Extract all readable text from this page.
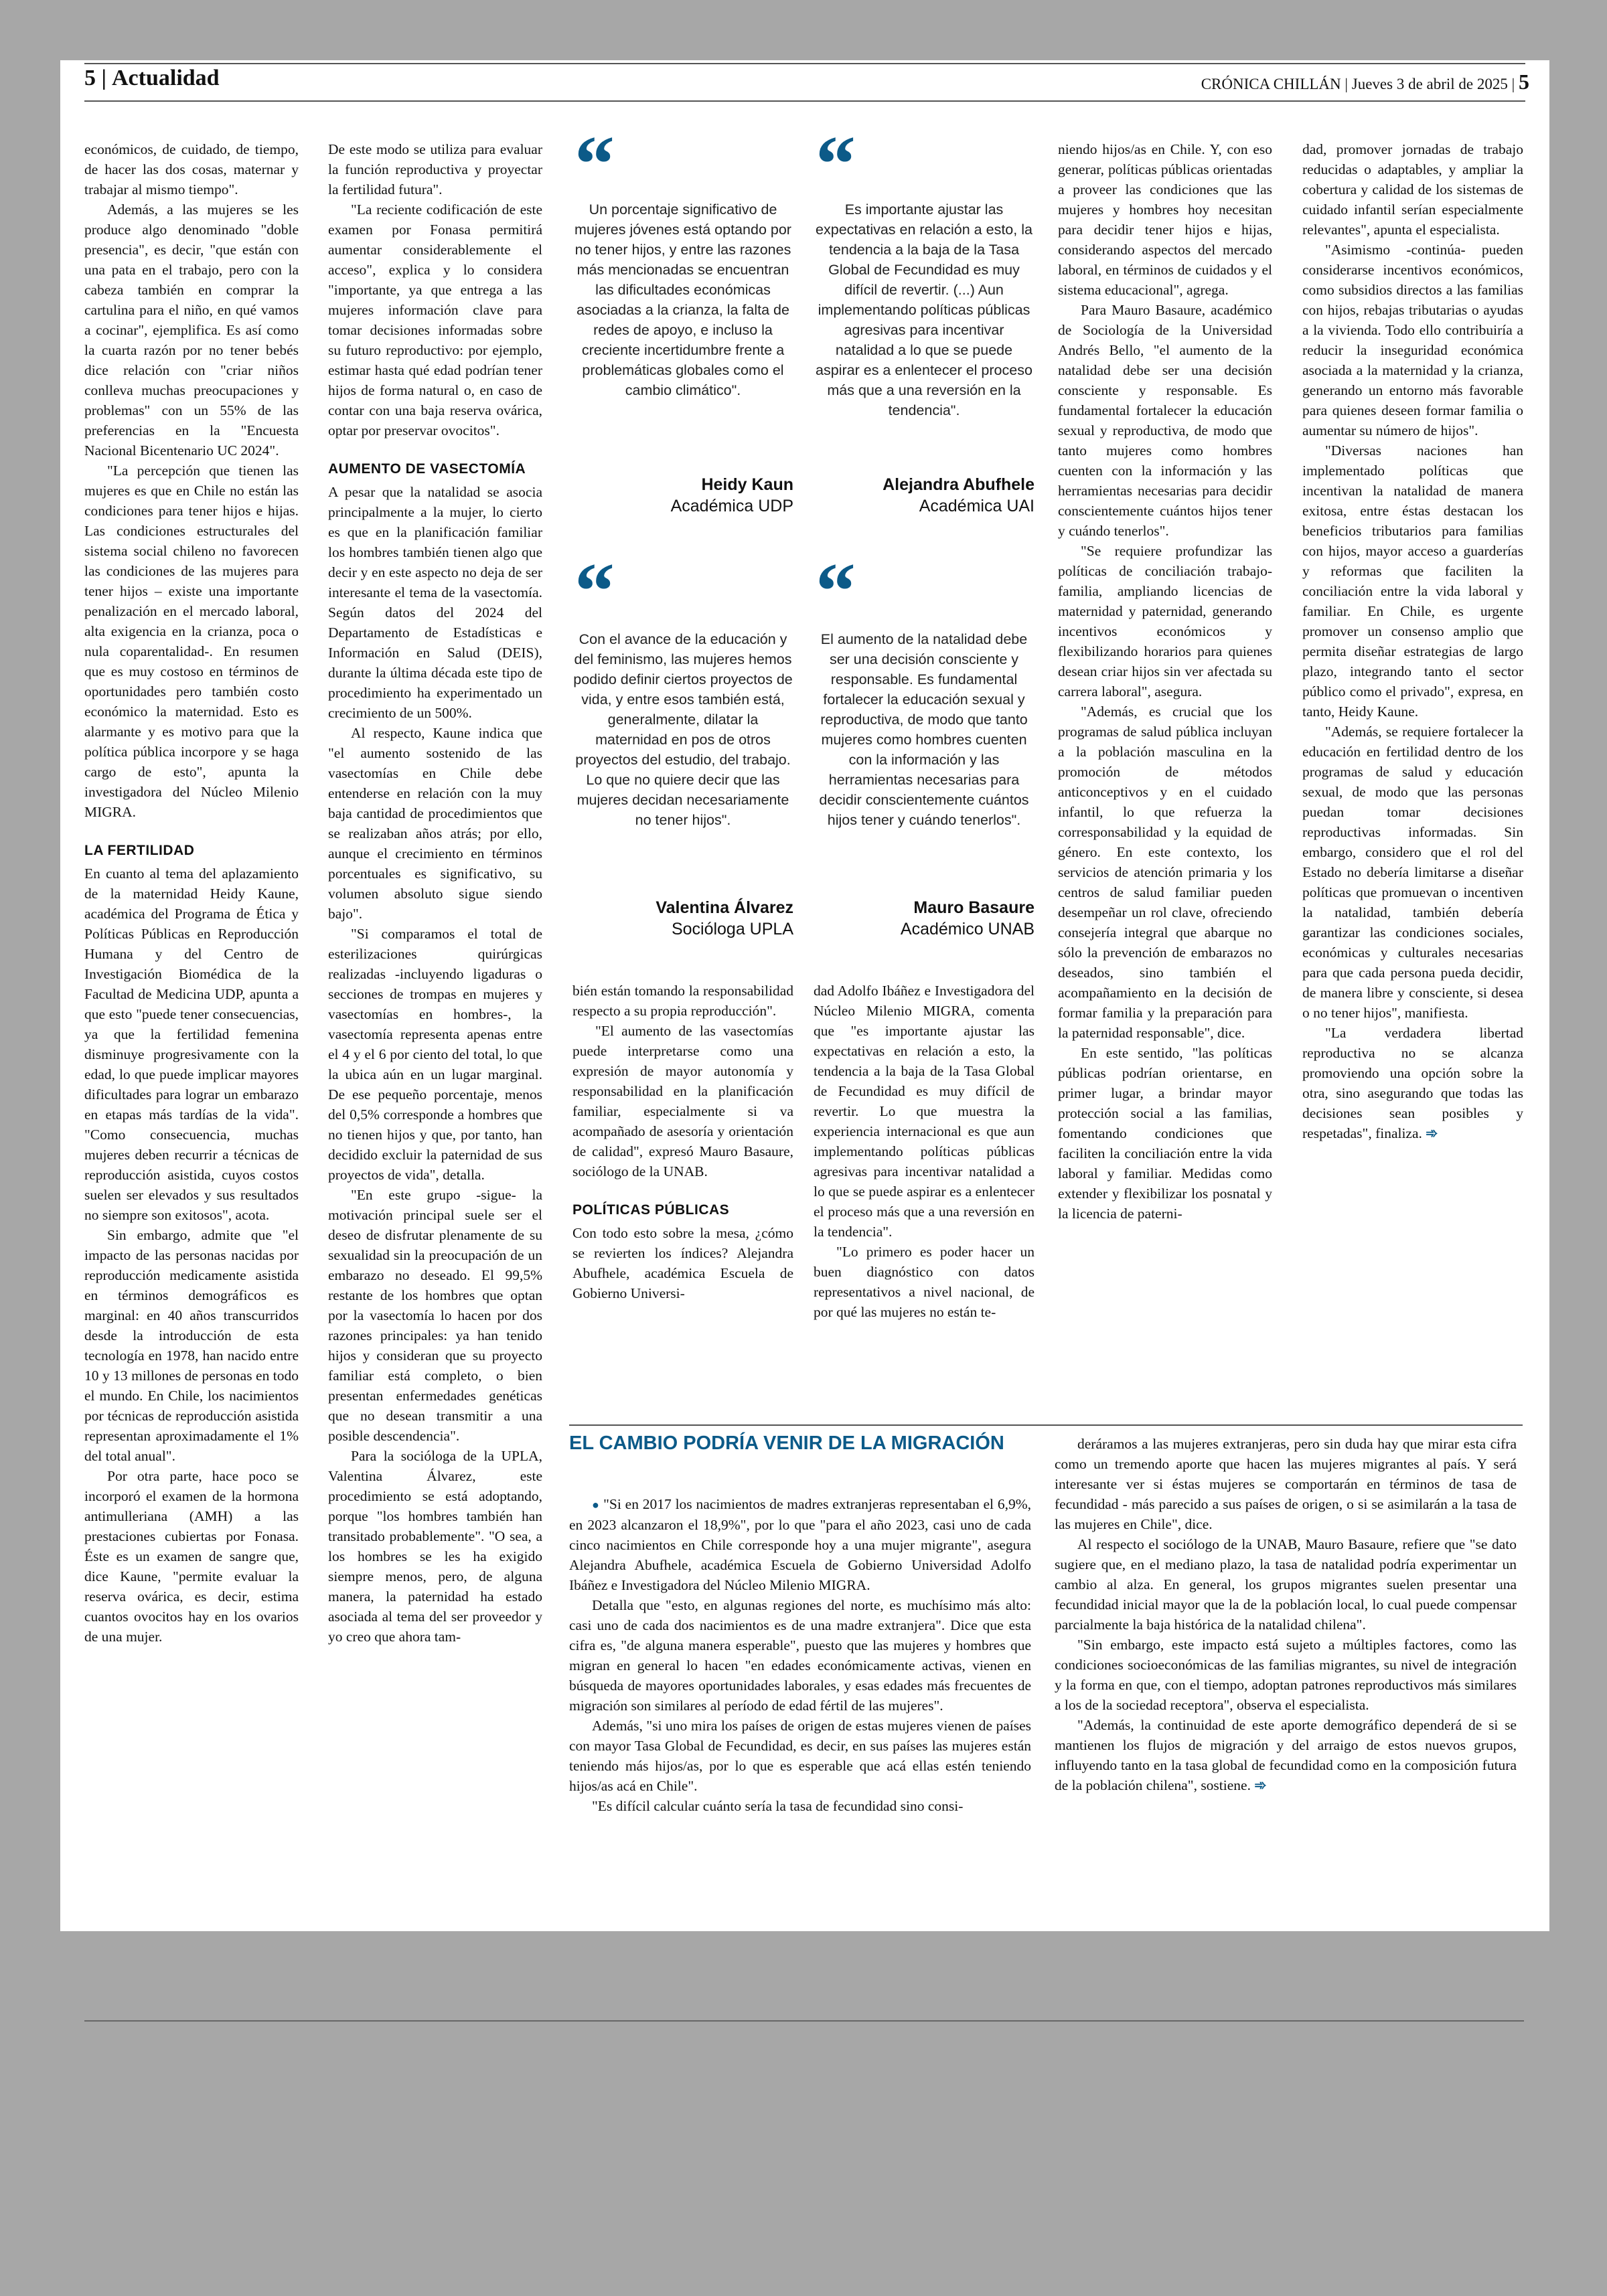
5 | Actualidad	CRÓNICA CHILLÁN | Jueves 3 de abril de 2025 | 5

económicos, de cuidado, de tiempo, de hacer las dos cosas, maternar y trabajar al mismo tiempo".

Además, a las mujeres se les produce algo denominado "doble presencia", es decir, "que están con una pata en el trabajo, pero con la cabeza también en comprar la cartulina para el niño, en qué vamos a cocinar", ejemplifica. Es así como la cuarta razón por no tener bebés dice relación con "criar niños conlleva muchas preocupaciones y problemas" con un 55% de las preferencias en la "Encuesta Nacional Bicentenario UC 2024".

"La percepción que tienen las mujeres es que en Chile no están las condiciones para tener hijos e hijas. Las condiciones estructurales del sistema social chileno no favorecen las condiciones de las mujeres para tener hijos – existe una importante penalización en el mercado laboral, alta exigencia en la crianza, poca o nula coparentalidad-. En resumen que es muy costoso en términos de oportunidades pero también costo económico la maternidad. Esto es alarmante y es motivo para que la política pública incorpore y se haga cargo de esto", apunta la investigadora del Núcleo Milenio MIGRA.

LA FERTILIDAD

En cuanto al tema del aplazamiento de la maternidad Heidy Kaune, académica del Programa de Ética y Políticas Públicas en Reproducción Humana y del Centro de Investigación Biomédica de la Facultad de Medicina UDP, apunta a que esto "puede tener consecuencias, ya que la fertilidad femenina disminuye progresivamente con la edad, lo que puede implicar mayores dificultades para lograr un embarazo en etapas más tardías de la vida". "Como consecuencia, muchas mujeres deben recurrir a técnicas de reproducción asistida, cuyos costos suelen ser elevados y sus resultados no siempre son exitosos", acota.

Sin embargo, admite que "el impacto de las personas nacidas por reproducción medicamente asistida en términos demográficos es marginal: en 40 años transcurridos desde la introducción de esta tecnología en 1978, han nacido entre 10 y 13 millones de personas en todo el mundo. En Chile, los nacimientos por técnicas de reproducción asistida representan aproximadamente el 1% del total anual".

Por otra parte, hace poco se incorporó el examen de la hormona antimulleriana (AMH) a las prestaciones cubiertas por Fonasa. Éste es un examen de sangre que, dice Kaune, "permite evaluar la reserva ovárica, es decir, estima cuantos ovocitos hay en los ovarios de una mujer.

De este modo se utiliza para evaluar la función reproductiva y proyectar la fertilidad futura".

"La reciente codificación de este examen por Fonasa permitirá aumentar considerablemente el acceso", explica y lo considera "importante, ya que entrega a las mujeres información clave para tomar decisiones informadas sobre su futuro reproductivo: por ejemplo, estimar hasta qué edad podrían tener hijos de forma natural o, en caso de contar con una baja reserva ovárica, optar por preservar ovocitos".

AUMENTO DE VASECTOMÍA

A pesar que la natalidad se asocia principalmente a la mujer, lo cierto es que en la planificación familiar los hombres también tienen algo que decir y en este aspecto no deja de ser interesante el tema de la vasectomía. Según datos del 2024 del Departamento de Estadísticas e Información en Salud (DEIS), durante la última década este tipo de procedimiento ha experimentado un crecimiento de un 500%.

Al respecto, Kaune indica que "el aumento sostenido de las vasectomías en Chile debe entenderse en relación con la muy baja cantidad de procedimientos que se realizaban años atrás; por ello, aunque el crecimiento en términos porcentuales es significativo, su volumen absoluto sigue siendo bajo".

"Si comparamos el total de esterilizaciones quirúrgicas realizadas -incluyendo ligaduras o secciones de trompas en mujeres y vasectomías en hombres-, la vasectomía representa apenas entre el 4 y el 6 por ciento del total, lo que la ubica aún en un lugar marginal. De ese pequeño porcentaje, menos del 0,5% corresponde a hombres que no tienen hijos y que, por tanto, han decidido excluir la paternidad de sus proyectos de vida", detalla.

"En este grupo -sigue- la motivación principal suele ser el deseo de disfrutar plenamente de su sexualidad sin la preocupación de un embarazo no deseado. El 99,5% restante de los hombres que optan por la vasectomía lo hacen por dos razones principales: ya han tenido hijos y consideran que su proyecto familiar está completo, o bien presentan enfermedades genéticas que no desean transmitir a una posible descendencia".

Para la socióloga de la UPLA, Valentina Álvarez, este procedimiento se está adoptando, porque "los hombres también han transitado probablemente". "O sea, a los hombres se les ha exigido siempre menos, pero, de alguna manera, la paternidad ha estado asociada al tema del ser proveedor y yo creo que ahora tam-

“
Un porcentaje significativo de mujeres jóvenes está optando por no tener hijos, y entre las razones más mencionadas se encuentran las dificultades económicas asociadas a la crianza, la falta de redes de apoyo, e incluso la creciente incertidumbre frente a problemáticas globales como el cambio climático".
Heidy Kaun
Académica UDP
“
Es importante ajustar las expectativas en relación a esto, la tendencia a la baja de la Tasa Global de Fecundidad es muy difícil de revertir. (...) Aun implementando políticas públicas agresivas para incentivar natalidad a lo que se puede aspirar es a enlentecer el proceso más que a una reversión en la tendencia".
Alejandra Abufhele
Académica UAI
“
Con el avance de la educación y del feminismo, las mujeres hemos podido definir ciertos proyectos de vida, y entre esos también está, generalmente, dilatar la maternidad en pos de otros proyectos del estudio, del trabajo. Lo que no quiere decir que las mujeres decidan necesariamente no tener hijos".
Valentina Álvarez
Socióloga UPLA
“
El aumento de la natalidad debe ser una decisión consciente y responsable. Es fundamental fortalecer la educación sexual y reproductiva, de modo que tanto mujeres como hombres cuenten con la información y las herramientas necesarias para decidir conscientemente cuántos hijos tener y cuándo tenerlos".
Mauro Basaure
Académico UNAB

bién están tomando la responsabilidad respecto a su propia reproducción".

"El aumento de las vasectomías puede interpretarse como una expresión de mayor autonomía y responsabilidad en la planificación familiar, especialmente si va acompañado de asesoría y orientación de calidad", expresó Mauro Basaure, sociólogo de la UNAB.

POLÍTICAS PÚBLICAS

Con todo esto sobre la mesa, ¿cómo se revierten los índices? Alejandra Abufhele, académica Escuela de Gobierno Universi-

dad Adolfo Ibáñez e Investigadora del Núcleo Milenio MIGRA, comenta que "es importante ajustar las expectativas en relación a esto, la tendencia a la baja de la Tasa Global de Fecundidad es muy difícil de revertir. Lo que muestra la experiencia internacional es que aun implementando políticas públicas agresivas para incentivar natalidad a lo que se puede aspirar es a enlentecer el proceso más que a una reversión en la tendencia".

"Lo primero es poder hacer un buen diagnóstico con datos representativos a nivel nacional, de por qué las mujeres no están te-

niendo hijos/as en Chile. Y, con eso generar, políticas públicas orientadas a proveer las condiciones que las mujeres y hombres hoy necesitan para decidir tener hijos e hijas, considerando aspectos del mercado laboral, en términos de cuidados y el sistema educacional", agrega.

Para Mauro Basaure, académico de Sociología de la Universidad Andrés Bello, "el aumento de la natalidad debe ser una decisión consciente y responsable. Es fundamental fortalecer la educación sexual y reproductiva, de modo que tanto mujeres como hombres cuenten con la información y las herramientas necesarias para decidir conscientemente cuántos hijos tener y cuándo tenerlos".

"Se requiere profundizar las políticas de conciliación trabajo-familia, ampliando licencias de maternidad y paternidad, generando incentivos económicos y flexibilizando horarios para quienes desean criar hijos sin ver afectada su carrera laboral", asegura.

"Además, es crucial que los programas de salud pública incluyan a la población masculina en la promoción de métodos anticonceptivos y en el cuidado infantil, lo que refuerza la corresponsabilidad y la equidad de género. En este contexto, los servicios de atención primaria y los centros de salud familiar pueden desempeñar un rol clave, ofreciendo consejería integral que abarque no sólo la prevención de embarazos no deseados, sino también el acompañamiento en la decisión de formar familia y la preparación para la paternidad responsable", dice.

En este sentido, "las políticas públicas podrían orientarse, en primer lugar, a brindar mayor protección social a las familias, fomentando condiciones que faciliten la conciliación entre la vida laboral y familiar. Medidas como extender y flexibilizar los posnatal y la licencia de paterni-

dad, promover jornadas de trabajo reducidas o adaptables, y ampliar la cobertura y calidad de los sistemas de cuidado infantil serían especialmente relevantes", apunta el especialista.

"Asimismo -continúa- pueden considerarse incentivos económicos, como subsidios directos a las familias con hijos, rebajas tributarias o ayudas a la vivienda. Todo ello contribuiría a reducir la inseguridad económica asociada a la maternidad y la crianza, generando un entorno más favorable para quienes deseen formar familia o aumentar su número de hijos".

"Diversas naciones han implementado políticas que incentivan la natalidad de manera exitosa, entre éstas destacan los beneficios tributarios para familias con hijos, mayor acceso a guarderías y reformas que faciliten la conciliación entre la vida laboral y familiar. En Chile, es urgente promover un consenso amplio que permita diseñar estrategias de largo plazo, integrando tanto el sector público como el privado", expresa, en tanto, Heidy Kaune.

"Además, se requiere fortalecer la educación en fertilidad dentro de los programas de salud y educación sexual, de modo que las personas puedan tomar decisiones reproductivas informadas. Sin embargo, considero que el rol del Estado no debería limitarse a diseñar políticas que promuevan o incentiven la natalidad, también debería garantizar las condiciones sociales, económicas y culturales necesarias para que cada persona pueda decidir, de manera libre y consciente, si desea o no tener hijos", manifiesta.

"La verdadera libertad reproductiva no se alcanza promoviendo una opción sobre la otra, sino asegurando que todas las decisiones sean posibles y respetadas", finaliza. ➾

EL CAMBIO PODRÍA VENIR DE LA MIGRACIÓN

● "Si en 2017 los nacimientos de madres extranjeras representaban el 6,9%, en 2023 alcanzaron el 18,9%", por lo que "para el año 2023, casi uno de cada cinco nacimientos en Chile corresponde hoy a una mujer migrante", asegura Alejandra Abufhele, académica Escuela de Gobierno Universidad Adolfo Ibáñez e Investigadora del Núcleo Milenio MIGRA.

Detalla que "esto, en algunas regiones del norte, es muchísimo más alto: casi uno de cada dos nacimientos es de una madre extranjera". Dice que esta cifra es, "de alguna manera esperable", puesto que las mujeres y hombres que migran en general lo hacen "en edades económicamente activas, vienen en búsqueda de mayores oportunidades laborales, y esas edades más frecuentes de migración son similares al período de edad fértil de las mujeres".

Además, "si uno mira los países de origen de estas mujeres vienen de países con mayor Tasa Global de Fecundidad, es decir, en sus países las mujeres están teniendo más hijos/as, por lo que es esperable que acá ellas estén teniendo hijos/as acá en Chile".

"Es difícil calcular cuánto sería la tasa de fecundidad sino consi-

deráramos a las mujeres extranjeras, pero sin duda hay que mirar esta cifra como un tremendo aporte que hacen las mujeres migrantes al país. Y será interesante ver si éstas mujeres se comportarán en términos de tasa de fecundidad - más parecido a sus países de origen, o si se asimilarán a la tasa de las mujeres en Chile", dice.

Al respecto el sociólogo de la UNAB, Mauro Basaure, refiere que "se dato sugiere que, en el mediano plazo, la tasa de natalidad podría experimentar un cambio al alza. En general, los grupos migrantes suelen presentar una fecundidad inicial mayor que la de la población local, lo cual puede compensar parcialmente la baja histórica de la natalidad chilena".

"Sin embargo, este impacto está sujeto a múltiples factores, como las condiciones socioeconómicas de las familias migrantes, su nivel de integración y la forma en que, con el tiempo, adoptan patrones reproductivos más similares a los de la sociedad receptora", observa el especialista.

"Además, la continuidad de este aporte demográfico dependerá de si se mantienen los flujos de migración y del arraigo de estos nuevos grupos, influyendo tanto en la tasa global de fecundidad como en la composición futura de la población chilena", sostiene. ➾
